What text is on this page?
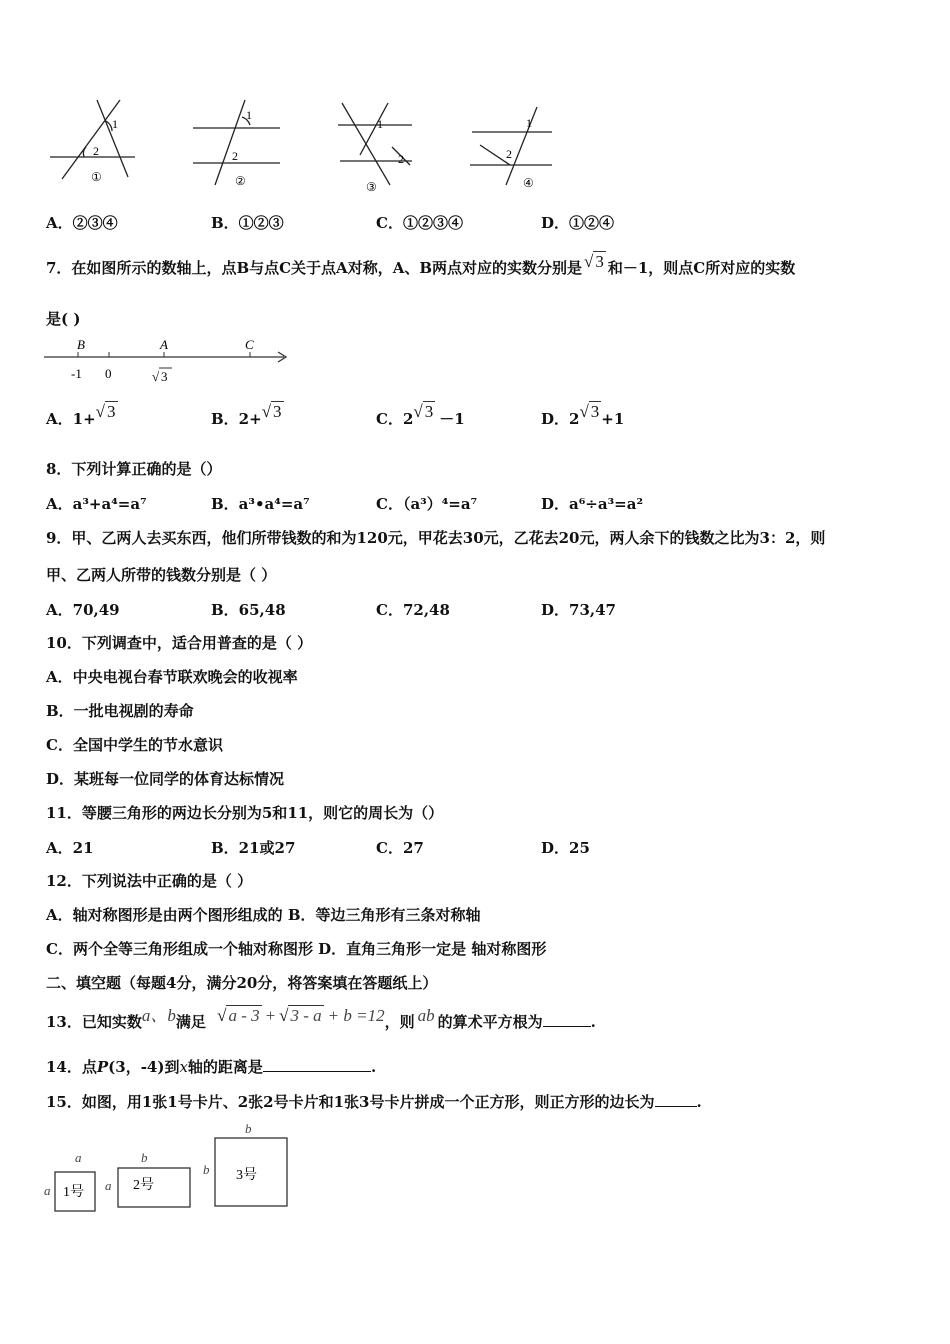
1
2
①
1
2
②
1
2
③
1
2
④
A．②③④	B．①②③	C．①②③④	D．①②④
7．在如图所示的数轴上，点B与点C关于点A对称，A、B两点对应的实数分别是 √ 3 和－1，则点C所对应的实数
是( )
B	A	C
-1 0	√ 3
A．1+√ 3	B．2+√ 3	C．2√ 3 －1	D．2√ 3 +1
8．下列计算正确的是（）
A．a³+a⁴=a⁷	B．a³•a⁴=a⁷	C．（a³）⁴=a⁷	D．a⁶÷a³=a²
9．甲、乙两人去买东西，他们所带钱数的和为120元，甲花去30元，乙花去20元，两人余下的钱数之比为3：2，则
甲、乙两人所带的钱数分别是（ ）
A．70,49	B．65,48	C．72,48	D．73,47
10．下列调查中，适合用普查的是（ ）
A．中央电视台春节联欢晚会的收视率
B．一批电视剧的寿命
C．全国中学生的节水意识
D．某班每一位同学的体育达标情况
11．等腰三角形的两边长分别为5和11，则它的周长为（）
A．21	B．21或27	C．27	D．25
12．下列说法中正确的是（ ）
A．轴对称图形是由两个图形组成的 B．等边三角形有三条对称轴
C．两个全等三角形组成一个轴对称图形 D．直角三角形一定是 轴对称图形
二、填空题（每题4分，满分20分，将答案填在答题纸上）
13．已知实数a、b满足 √ a - 3 + √ 3 - a + b =12，则 ab 的算术平方根为	.
14．点P(3，-4)到x轴的距离是	.
15．如图，用1张1号卡片、2张2号卡片和1张3号卡片拼成一个正方形，则正方形的边长为	.
a
a 1号
b
a 2号
b
b 3号
